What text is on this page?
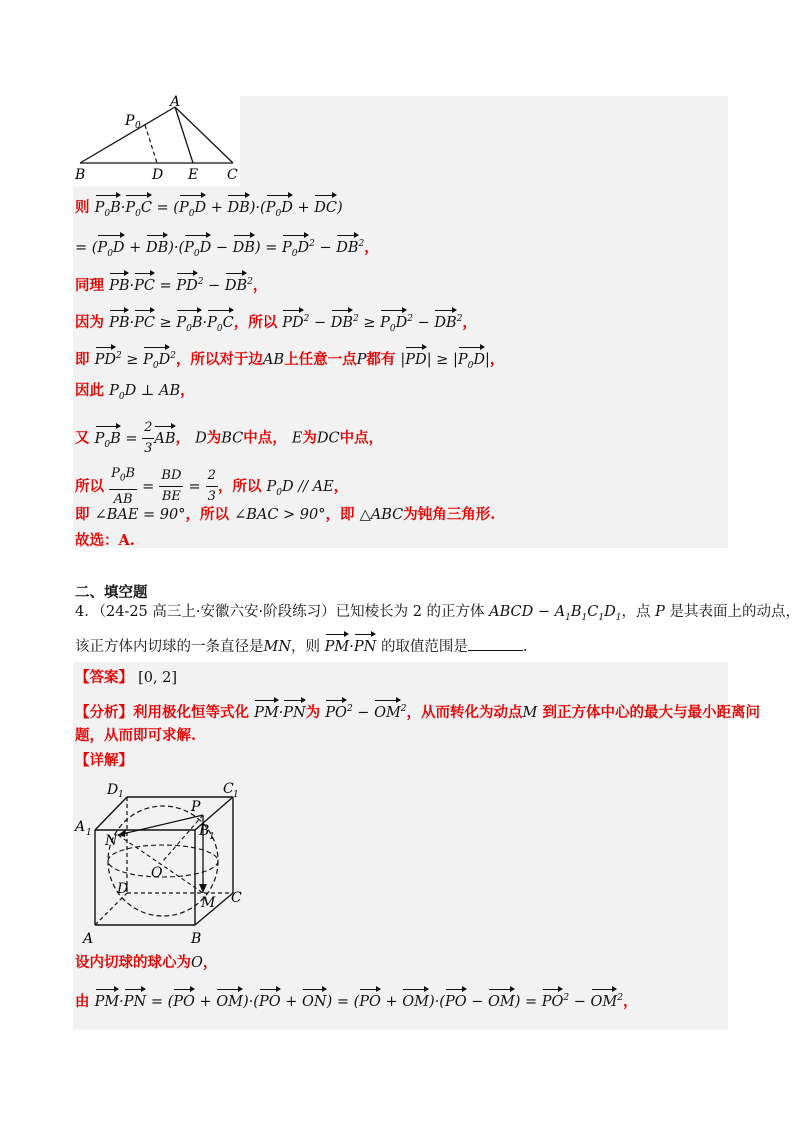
P 0
A
B	D E C
则 $P_0B\cdot P_0C = (P_0D + DB)\cdot(P_0D + DC)$
= $(P_0D + DB)\cdot(P_0D - DB) = P_0D^2 - DB^2$，
同理 $PB\cdot PC = PD^2 - DB^2$，
因为 $PB\cdot PC \ge P_0B\cdot P_0C$，所以 $PD^2 - DB^2 \ge P_0D^2 - DB^2$，
即 $PD^2 \ge P_0D^2$，所以对于边AB上任意一点P都有 $|PD| \ge |P_0D|$，
因此 $P_0D$ ⊥ AB，
又 $P_0B = \frac{2}{3}$ AB， D为BC中点， E为DC中点，
所以 $\frac{P_0B}{AB} = \frac{BD}{BE} = \frac{2}{3}$ ，所以 $P_0D$ // AE，
即 ∠BAE = 90°，所以 ∠BAC > 90°，即 △ABC为钝角三角形.
故选：A.
二、填空题
4．（24-25 高三上·安徽六安·阶段练习）已知棱长为 2 的正方体 ABCD − $A_1B_1C_1D_1$，点 P 是其表面上的动点，
该正方体内切球的一条直径是MN，则 PM·PN 的取值范围是	.
【答案】 [0, 2]
【分析】利用极化恒等式化 PM·PN为 $PO^2 - OM^2$，从而转化为动点M 到正方体中心的最大与最小距离问
题，从而即可求解.
【详解】
D 1	C 1
A 1	B 1
P
N
O
D
M C
A	B
设内切球的球心为O，
由 $PM\cdot PN = (PO + OM)\cdot(PO + ON) = (PO + OM)\cdot(PO - OM) = PO^2 - OM^2$，
